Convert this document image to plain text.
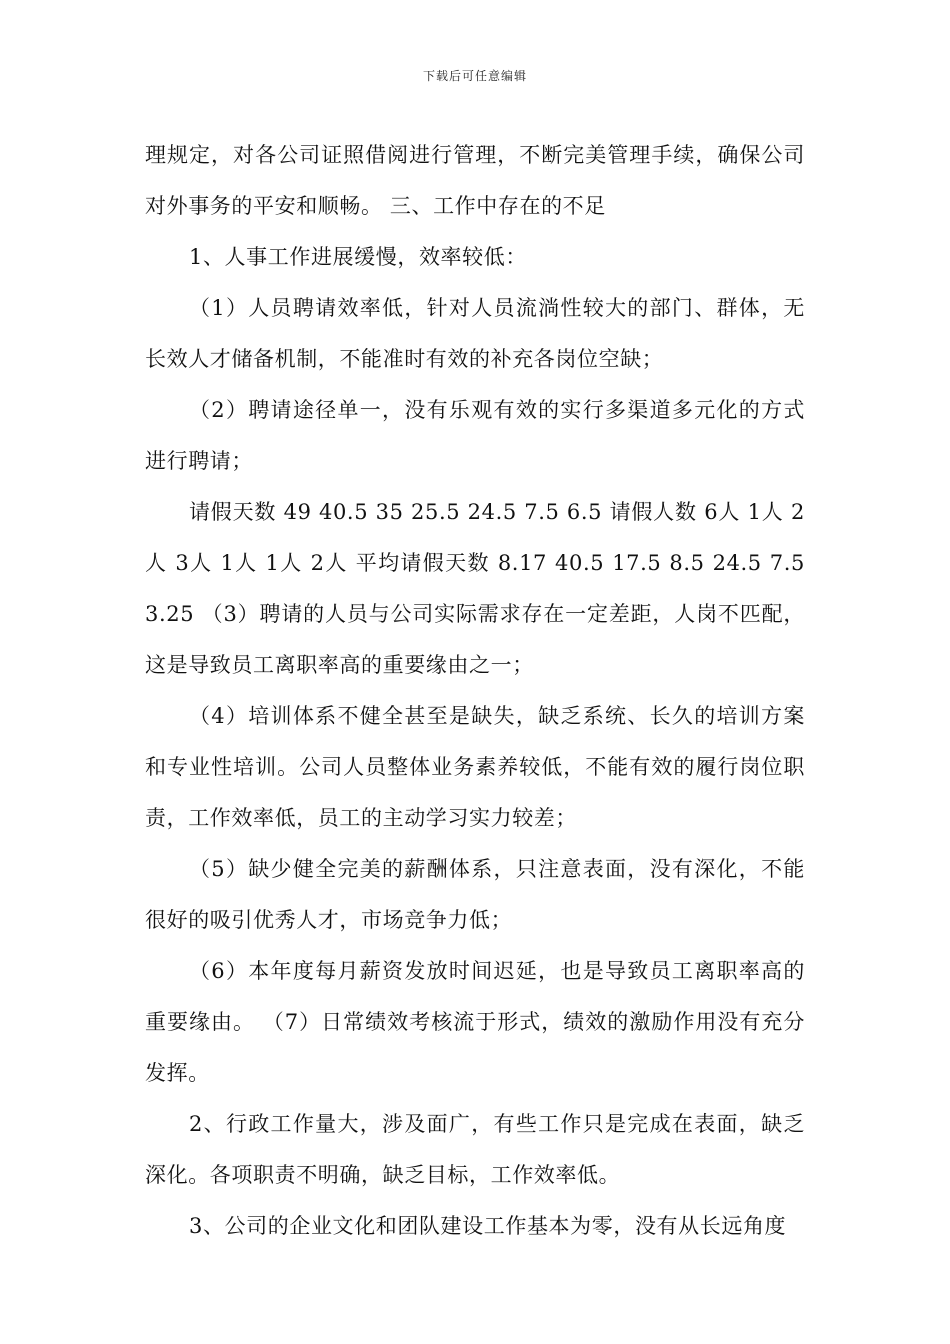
下载后可任意编辑

理规定，对各公司证照借阅进行管理，不断完美管理手续，确保公司对外事务的平安和顺畅。 三、工作中存在的不足

1、人事工作进展缓慢，效率较低：

（1）人员聘请效率低，针对人员流淌性较大的部门、群体，无长效人才储备机制，不能准时有效的补充各岗位空缺；

（2）聘请途径单一，没有乐观有效的实行多渠道多元化的方式进行聘请；

请假天数 49 40.5 35 25.5 24.5 7.5 6.5 请假人数 6人 1人 2人 3人 1人 1人 2人 平均请假天数 8.17 40.5 17.5 8.5 24.5 7.5 3.25 （3）聘请的人员与公司实际需求存在一定差距，人岗不匹配，这是导致员工离职率高的重要缘由之一；

（4）培训体系不健全甚至是缺失，缺乏系统、长久的培训方案和专业性培训。公司人员整体业务素养较低，不能有效的履行岗位职责，工作效率低，员工的主动学习实力较差；

（5）缺少健全完美的薪酬体系，只注意表面，没有深化，不能很好的吸引优秀人才，市场竞争力低；

（6）本年度每月薪资发放时间迟延，也是导致员工离职率高的重要缘由。 （7）日常绩效考核流于形式，绩效的激励作用没有充分发挥。

2、行政工作量大，涉及面广，有些工作只是完成在表面，缺乏深化。各项职责不明确，缺乏目标，工作效率低。

3、公司的企业文化和团队建设工作基本为零，没有从长远角度
